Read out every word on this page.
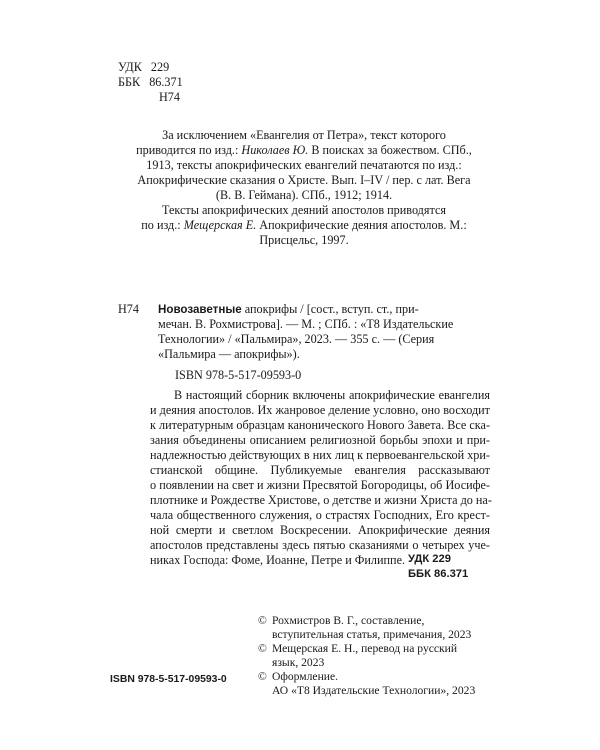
УДК 229
ББК 86.371
Н74
За исключением «Евангелия от Петра», текст которого
приводится по изд.: Николаев Ю. В поисках за божеством. СПб.,
1913, тексты апокрифических евангелий печатаются по изд.:
Апокрифические сказания о Христе. Вып. I–IV / пер. с лат. Вега
(В. В. Геймана). СПб., 1912; 1914.
Тексты апокрифических деяний апостолов приводятся
по изд.: Мещерская Е. Апокрифические деяния апостолов. М.:
Присцельс, 1997.
Н74 Новозаветные апокрифы / [сост., вступ. ст., при-
мечан. В. Рохмистрова]. — М. ; СПб. : «Т8 Издательские
Технологии» / «Пальмира», 2023. — 355 с. — (Серия
«Пальмира — апокрифы»).
ISBN 978-5-517-09593-0
В настоящий сборник включены апокрифические евангелия
и деяния апостолов. Их жанровое деление условно, оно восходит
к литературным образцам канонического Нового Завета. Все ска-
зания объединены описанием религиозной борьбы эпохи и при-
надлежностью действующих в них лиц к первоевангельской хри-
стианской общине. Публикуемые евангелия рассказывают
о появлении на свет и жизни Пресвятой Богородицы, об Иосифе-
плотнике и Рождестве Христове, о детстве и жизни Христа до на-
чала общественного служения, о страстях Господних, Его крест-
ной смерти и светлом Воскресении. Апокрифические деяния
апостолов представлены здесь пятью сказаниями о четырех уче-
никах Господа: Фоме, Иоанне, Петре и Филиппе. УДК 229
ББК 86.371
© Рохмистров В. Г., составление,
вступительная статья, примечания, 2023
© Мещерская Е. Н., перевод на русский
язык, 2023
© Оформление.
АО «Т8 Издательские Технологии», 2023
ISBN 978-5-517-09593-0
